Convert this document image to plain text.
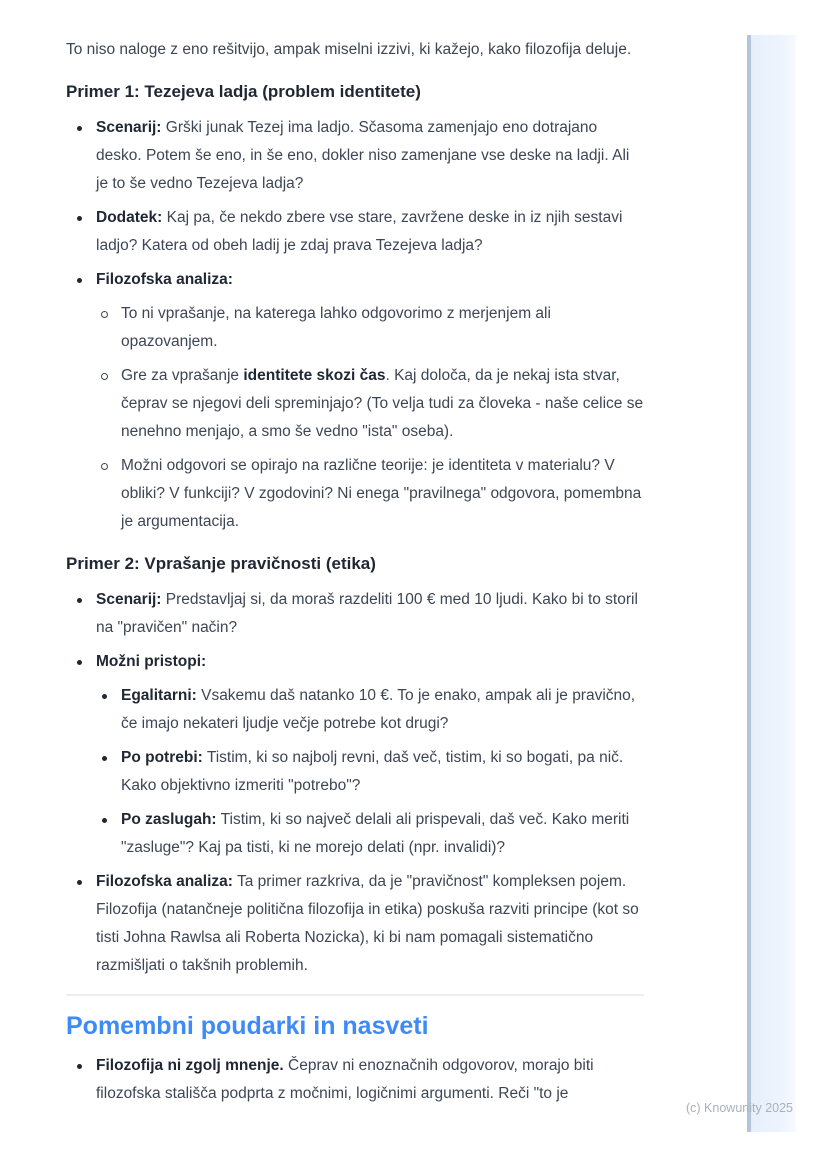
To niso naloge z eno rešitvijo, ampak miselni izzivi, ki kažejo, kako filozofija deluje.

Primer 1: Tezejeva ladja (problem identitete)
Scenarij: Grški junak Tezej ima ladjo. Sčasoma zamenjajo eno dotrajano desko. Potem še eno, in še eno, dokler niso zamenjane vse deske na ladji. Ali je to še vedno Tezejeva ladja?
Dodatek: Kaj pa, če nekdo zbere vse stare, zavržene deske in iz njih sestavi ladjo? Katera od obeh ladij je zdaj prava Tezejeva ladja?
Filozofska analiza:
To ni vprašanje, na katerega lahko odgovorimo z merjenjem ali opazovanjem.
Gre za vprašanje identitete skozi čas. Kaj določa, da je nekaj ista stvar, čeprav se njegovi deli spreminjajo? (To velja tudi za človeka - naše celice se nenehno menjajo, a smo še vedno "ista" oseba).
Možni odgovori se opirajo na različne teorije: je identiteta v materialu? V obliki? V funkciji? V zgodovini? Ni enega "pravilnega" odgovora, pomembna je argumentacija.
Primer 2: Vprašanje pravičnosti (etika)
Scenarij: Predstavljaj si, da moraš razdeliti 100 € med 10 ljudi. Kako bi to storil na "pravičen" način?
Možni pristopi:
Egalitarni: Vsakemu daš natanko 10 €. To je enako, ampak ali je pravično, če imajo nekateri ljudje večje potrebe kot drugi?
Po potrebi: Tistim, ki so najbolj revni, daš več, tistim, ki so bogati, pa nič. Kako objektivno izmeriti "potrebo"?
Po zaslugah: Tistim, ki so največ delali ali prispevali, daš več. Kako meriti "zasluge"? Kaj pa tisti, ki ne morejo delati (npr. invalidi)?
Filozofska analiza: Ta primer razkriva, da je "pravičnost" kompleksen pojem. Filozofija (natančneje politična filozofija in etika) poskuša razviti principe (kot so tisti Johna Rawlsa ali Roberta Nozicka), ki bi nam pomagali sistematično razmišljati o takšnih problemih.
Pomembni poudarki in nasveti
Filozofija ni zgolj mnenje. Čeprav ni enoznačnih odgovorov, morajo biti filozofska stališča podprta z močnimi, logičnimi argumenti. Reči "to je
(c) Knowunity 2025
